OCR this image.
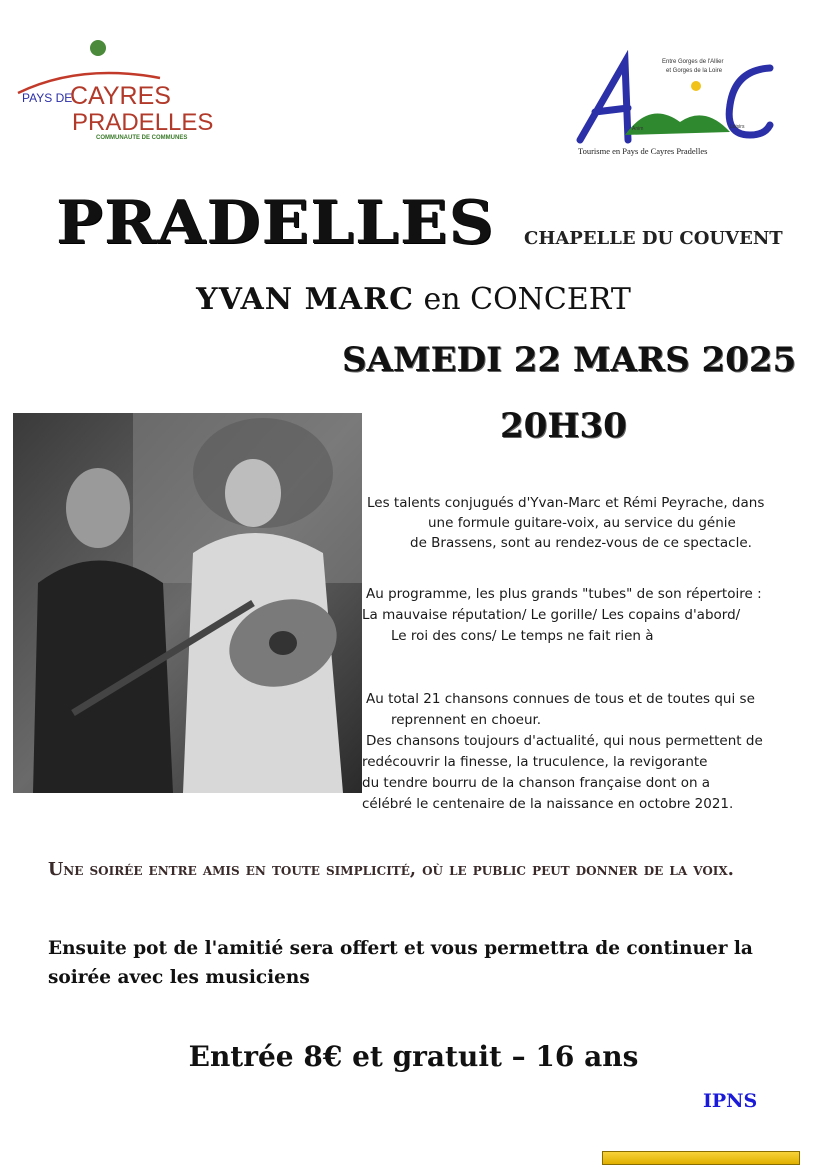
PAYS DE
CAYRES
PRADELLES
COMMUNAUTE DE COMMUNES
Entre Gorges de l'Allier
et Gorges de la Loire
Anim	Loisirs
Tourisme en Pays de Cayres Pradelles
PRADELLES CHAPELLE DU COUVENT
YVAN MARC en CONCERT
SAMEDI 22 MARS 2025
20H30
Les talents conjugués d'Yvan-Marc et Rémi Peyrache, dans
une formule guitare-voix, au service du génie
de Brassens, sont au rendez-vous de ce spectacle.
Au programme, les plus grands "tubes" de son répertoire :
La mauvaise réputation/ Le gorille/ Les copains d'abord/
Le roi des cons/ Le temps ne fait rien à
Au total 21 chansons connues de tous et de toutes qui se
reprennent en choeur.
Des chansons toujours d'actualité, qui nous permettent de
redécouvrir la finesse, la truculence, la revigorante
du tendre bourru de la chanson française dont on a
célébré le centenaire de la naissance en octobre 2021.
Une soirée entre amis en toute simplicité, où le public peut donner de la voix.
Ensuite pot de l'amitié sera offert et vous permettra de continuer la soirée avec les musiciens
Entrée 8€ et gratuit – 16 ans
IPNS
